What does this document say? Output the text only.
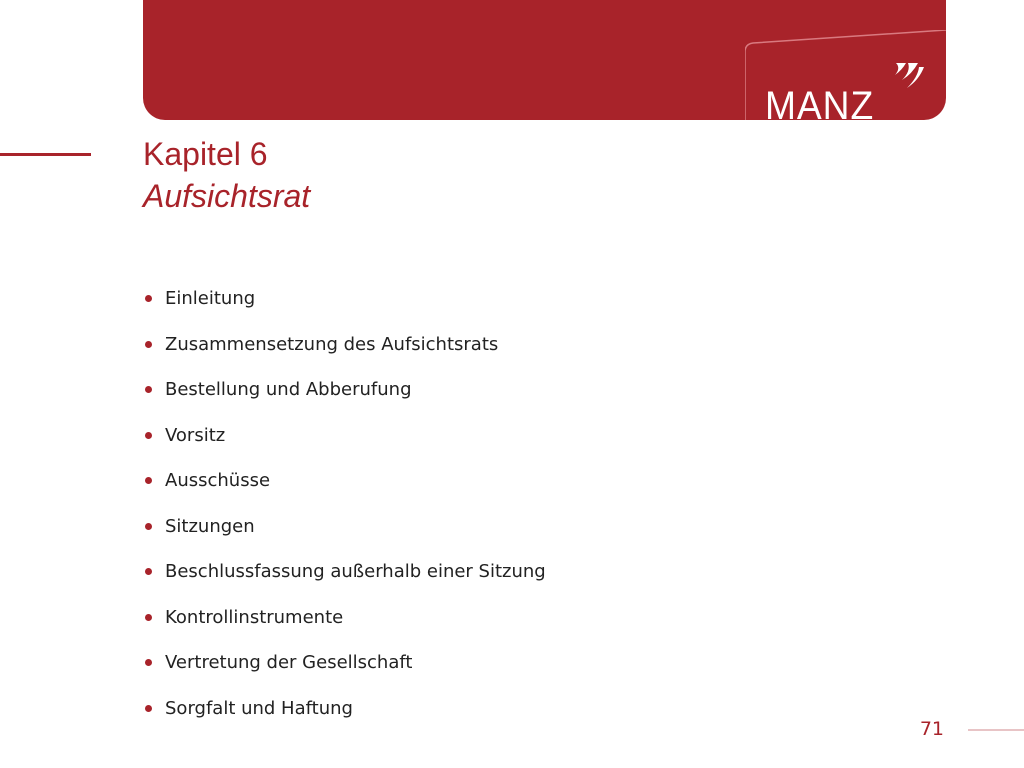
MANZ

Kapitel 6
Aufsichtsrat
Einleitung
Zusammensetzung des Aufsichtsrats
Bestellung und Abberufung
Vorsitz
Ausschüsse
Sitzungen
Beschlussfassung außerhalb einer Sitzung
Kontrollinstrumente
Vertretung der Gesellschaft
Sorgfalt und Haftung

71
